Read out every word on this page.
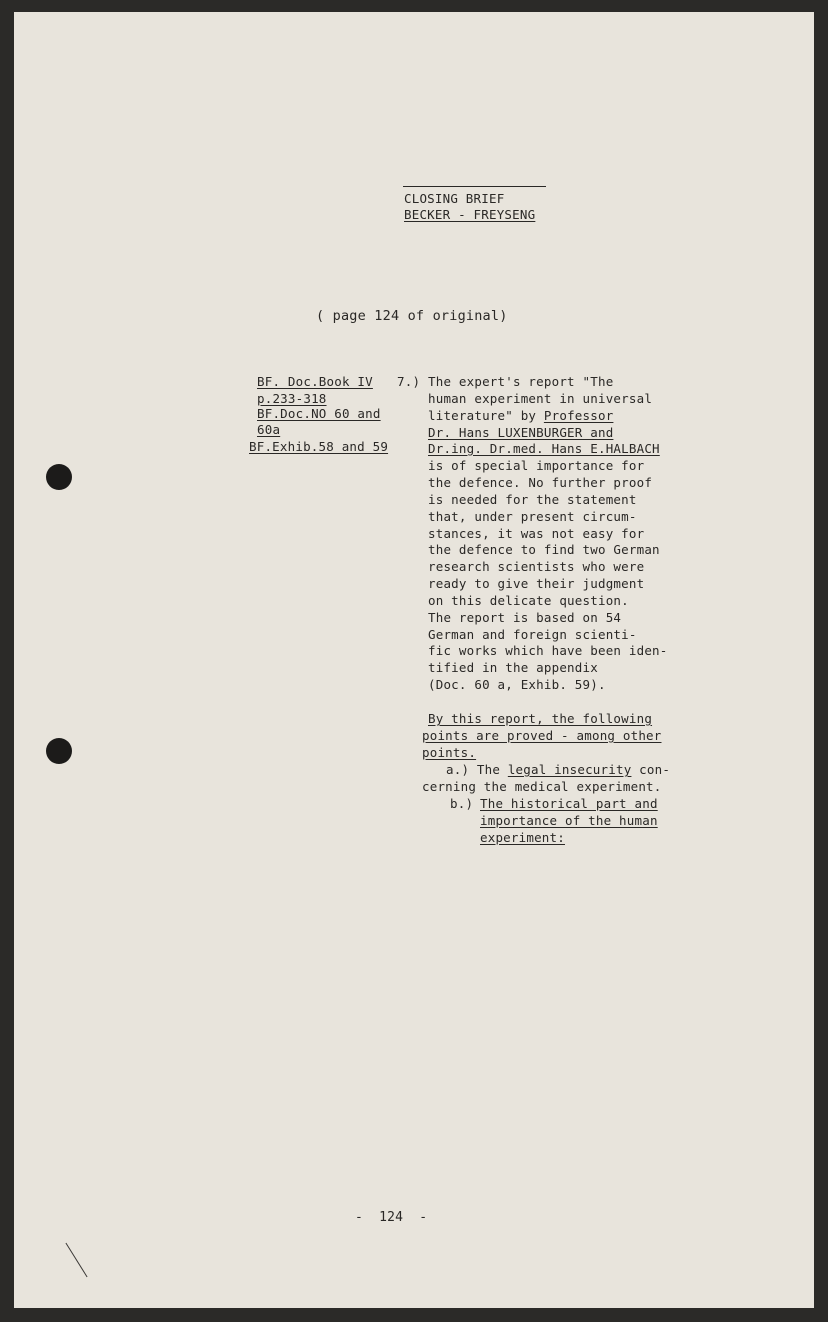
CLOSING BRIEF
BECKER - FREYSENG
( page 124 of original)
BF. Doc.Book IV
p.233-318
BF.Doc.NO 60 and
60a
BF.Exhib.58 and 59
7.) The expert's report "The
human experiment in universal
literature" by Professor
Dr. Hans LUXENBURGER and
Dr.ing. Dr.med. Hans E.HALBACH
is of special importance for
the defence. No further proof
is needed for the statement
that, under present circum-
stances, it was not easy for
the defence to find two German
research scientists who were
ready to give their judgment
on this delicate question.
The report is based on 54
German and foreign scienti-
fic works which have been iden-
tified in the appendix
(Doc. 60 a, Exhib. 59).
By this report, the following
points are proved - among other
points.
a.) The legal insecurity con-
cerning the medical experiment.
b.) The historical part and
importance of the human
experiment:
-  124  -
